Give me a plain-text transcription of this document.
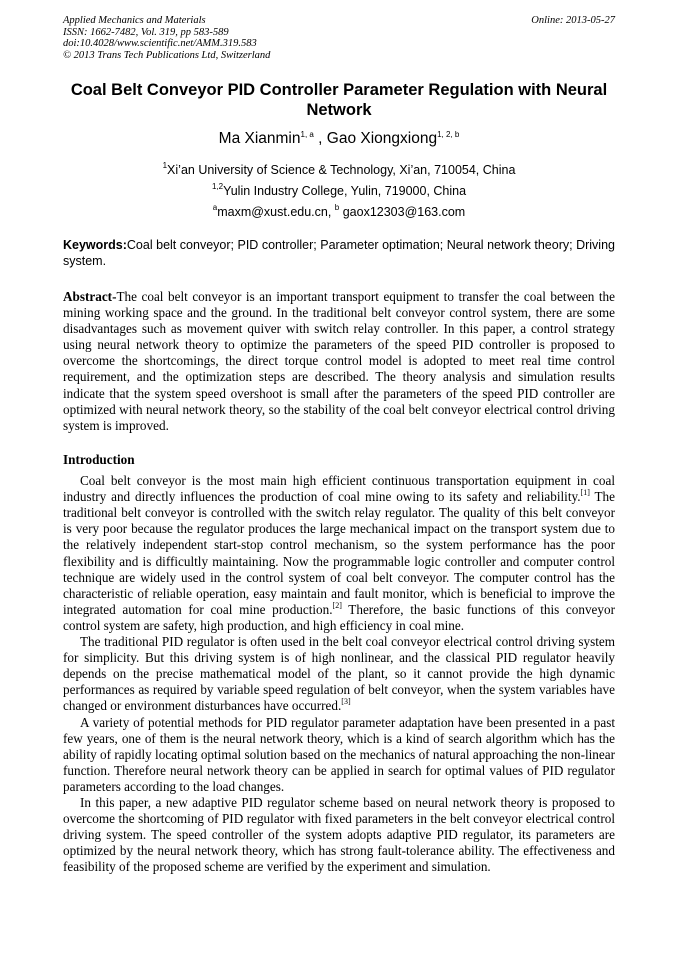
Applied Mechanics and Materials
ISSN: 1662-7482, Vol. 319, pp 583-589
doi:10.4028/www.scientific.net/AMM.319.583
© 2013 Trans Tech Publications Ltd, Switzerland
Online: 2013-05-27
Coal Belt Conveyor PID Controller Parameter Regulation with Neural Network
Ma Xianmin$^{1, a}$ , Gao Xiongxiong$^{1, 2, b}$
$^1$Xi’an University of Science & Technology, Xi’an, 710054, China
$^{1,2}$Yulin Industry College, Yulin, 719000, China
$^a$maxm@xust.edu.cn, $^b$ gaox12303@163.com
Keywords:Coal belt conveyor; PID controller; Parameter optimation; Neural network theory; Driving system.

Abstract-The coal belt conveyor is an important transport equipment to transfer the coal between the mining working space and the ground. In the traditional belt conveyor control system, there are some disadvantages such as movement quiver with switch relay controller. In this paper, a control strategy using neural network theory to optimize the parameters of the speed PID controller is proposed to overcome the shortcomings, the direct torque control model is adopted to meet real time control requirement, and the optimization steps are described. The theory analysis and simulation results indicate that the system speed overshoot is small after the parameters of the speed PID controller are optimized with neural network theory, so the stability of the coal belt conveyor electrical control driving system is improved.

Introduction

Coal belt conveyor is the most main high efficient continuous transportation equipment in coal industry and directly influences the production of coal mine owing to its safety and reliability.[1] The traditional belt conveyor is controlled with the switch relay regulator. The quality of this belt conveyor is very poor because the regulator produces the large mechanical impact on the transport system due to the relatively independent start-stop control mechanism, so the system performance has the poor flexibility and is difficultly maintaining. Now the programmable logic controller and computer control technique are widely used in the control system of coal belt conveyor. The computer control has the characteristic of reliable operation, easy maintain and fault monitor, which is beneficial to improve the integrated automation for coal mine production.[2] Therefore, the basic functions of this conveyor control system are safety, high production, and high efficiency in coal mine.

The traditional PID regulator is often used in the belt coal conveyor electrical control driving system for simplicity. But this driving system is of high nonlinear, and the classical PID regulator heavily depends on the precise mathematical model of the plant, so it cannot provide the high dynamic performances as required by variable speed regulation of belt conveyor, when the system variables have changed or environment disturbances have occurred.[3]

A variety of potential methods for PID regulator parameter adaptation have been presented in a past few years, one of them is the neural network theory, which is a kind of search algorithm which has the ability of rapidly locating optimal solution based on the mechanics of natural approaching the non-linear function. Therefore neural network theory can be applied in search for optimal values of PID regulator parameters according to the load changes.

In this paper, a new adaptive PID regulator scheme based on neural network theory is proposed to overcome the shortcoming of PID regulator with fixed parameters in the belt conveyor electrical control driving system. The speed controller of the system adopts adaptive PID regulator, its parameters are optimized by the neural network theory, which has strong fault-tolerance ability. The effectiveness and feasibility of the proposed scheme are verified by the experiment and simulation.
